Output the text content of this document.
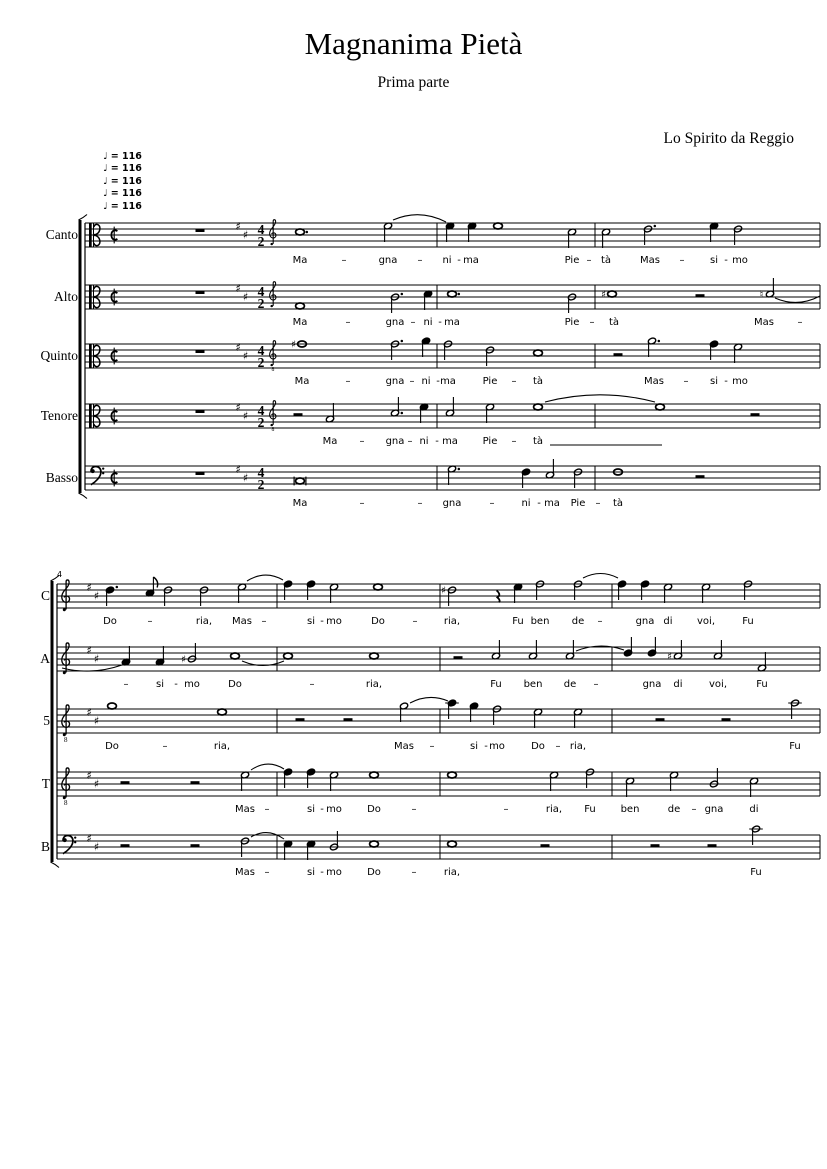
Magnanima Pietà
Prima parte
Lo Spirito da Reggio
♩ = 116
♩ = 116
♩ = 116
♩ = 116
♩ = 116
Canto
♯
♯ 4
2
Ma	–	gna – ni - ma	Pie – tà	Mas –	si - mo
Alto
♯
♯ 4
2
♯	♮
Ma	–	gna – ni - ma	Pie – tà	Mas –
Quinto
♯
♯ 4
2
8
♯
Ma	–	gna – ni - ma	Pie – tà	Mas – si - mo
Tenore
♯
♯ 4
2
8
Ma – gna – ni - ma Pie – tà
Basso
♯
♯ 4
2
Ma	–	– gna	–	ni - ma Pie – tà
4
C
♯
♯	♯
Do	–	ria, Mas –	si - mo	Do	–	ria,	Fu ben de –	gna di voi,	Fu
A
♯
♯	♯	♯
–	si - mo	Do	–	ria,	Fu ben de –	gna di	voi,	Fu
5
8
♯
♯
Do	–	ria,	Mas –	si - mo	Do – ria,	Fu
T
8
♯
♯
Mas –	si - mo	Do	–	–	ria, Fu ben	de – gna	di
B
♯
♯
Mas –	si - mo	Do	–	ria,	Fu
